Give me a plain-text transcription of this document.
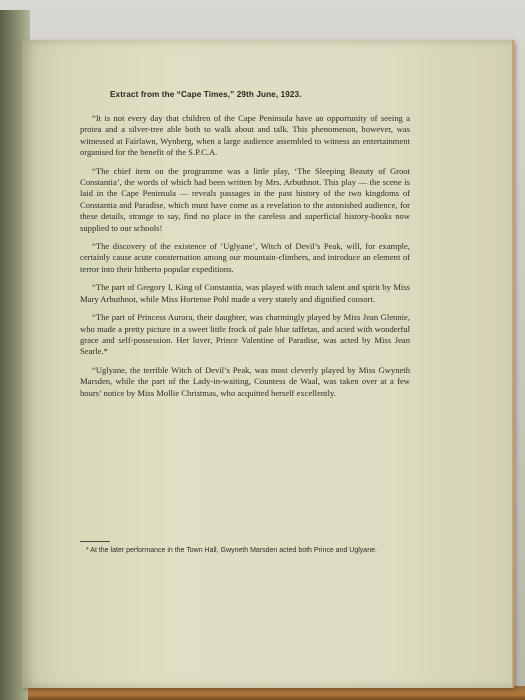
Extract from the “Cape Times,” 29th June, 1923.

“It is not every day that children of the Cape Peninsula have an opportunity of seeing a protea and a silver-tree able both to walk about and talk. This phenomenon, however, was witnessed at Fairlawn, Wynberg, when a large audience assembled to witness an entertainment organised for the benefit of the S.P.C.A.

“The chief item on the programme was a little play, ‘The Sleeping Beauty of Groot Constantia’, the words of which had been written by Mrs. Arbuthnot. This play — the scene is laid in the Cape Peninsula — reveals passages in the past history of the two kingdoms of Constantia and Paradise, which must have come as a revelation to the astonished audience, for these details, strange to say, find no place in the careless and superficial history-books now supplied to our schools!

“The discovery of the existence of ‘Uglyane’, Witch of Devil’s Peak, will, for example, certainly cause acute consternation among our mountain-climbers, and introduce an element of terror into their hitherto popular expeditions.

“The part of Gregory I, King of Constantia, was played with much talent and spirit by Miss Mary Arbuthnot, while Miss Hortense Pohl made a very stately and dignified consort.

“The part of Princess Aurora, their daughter, was charmingly played by Miss Jean Glennie, who made a pretty picture in a sweet little frock of pale blue taffetas, and acted with wonderful grace and self-possession. Her lover, Prince Valentine of Paradise, was acted by Miss Jean Searle.*

“Uglyane, the terrible Witch of Devil’s Peak, was most cleverly played by Miss Gwyneth Marsden, while the part of the Lady-in-waiting, Countess de Waal, was taken over at a few hours’ notice by Miss Mollie Christmas, who acquitted herself excellently.

* At the later performance in the Town Hall, Gwyneth Marsden acted both Prince and Uglyane.
